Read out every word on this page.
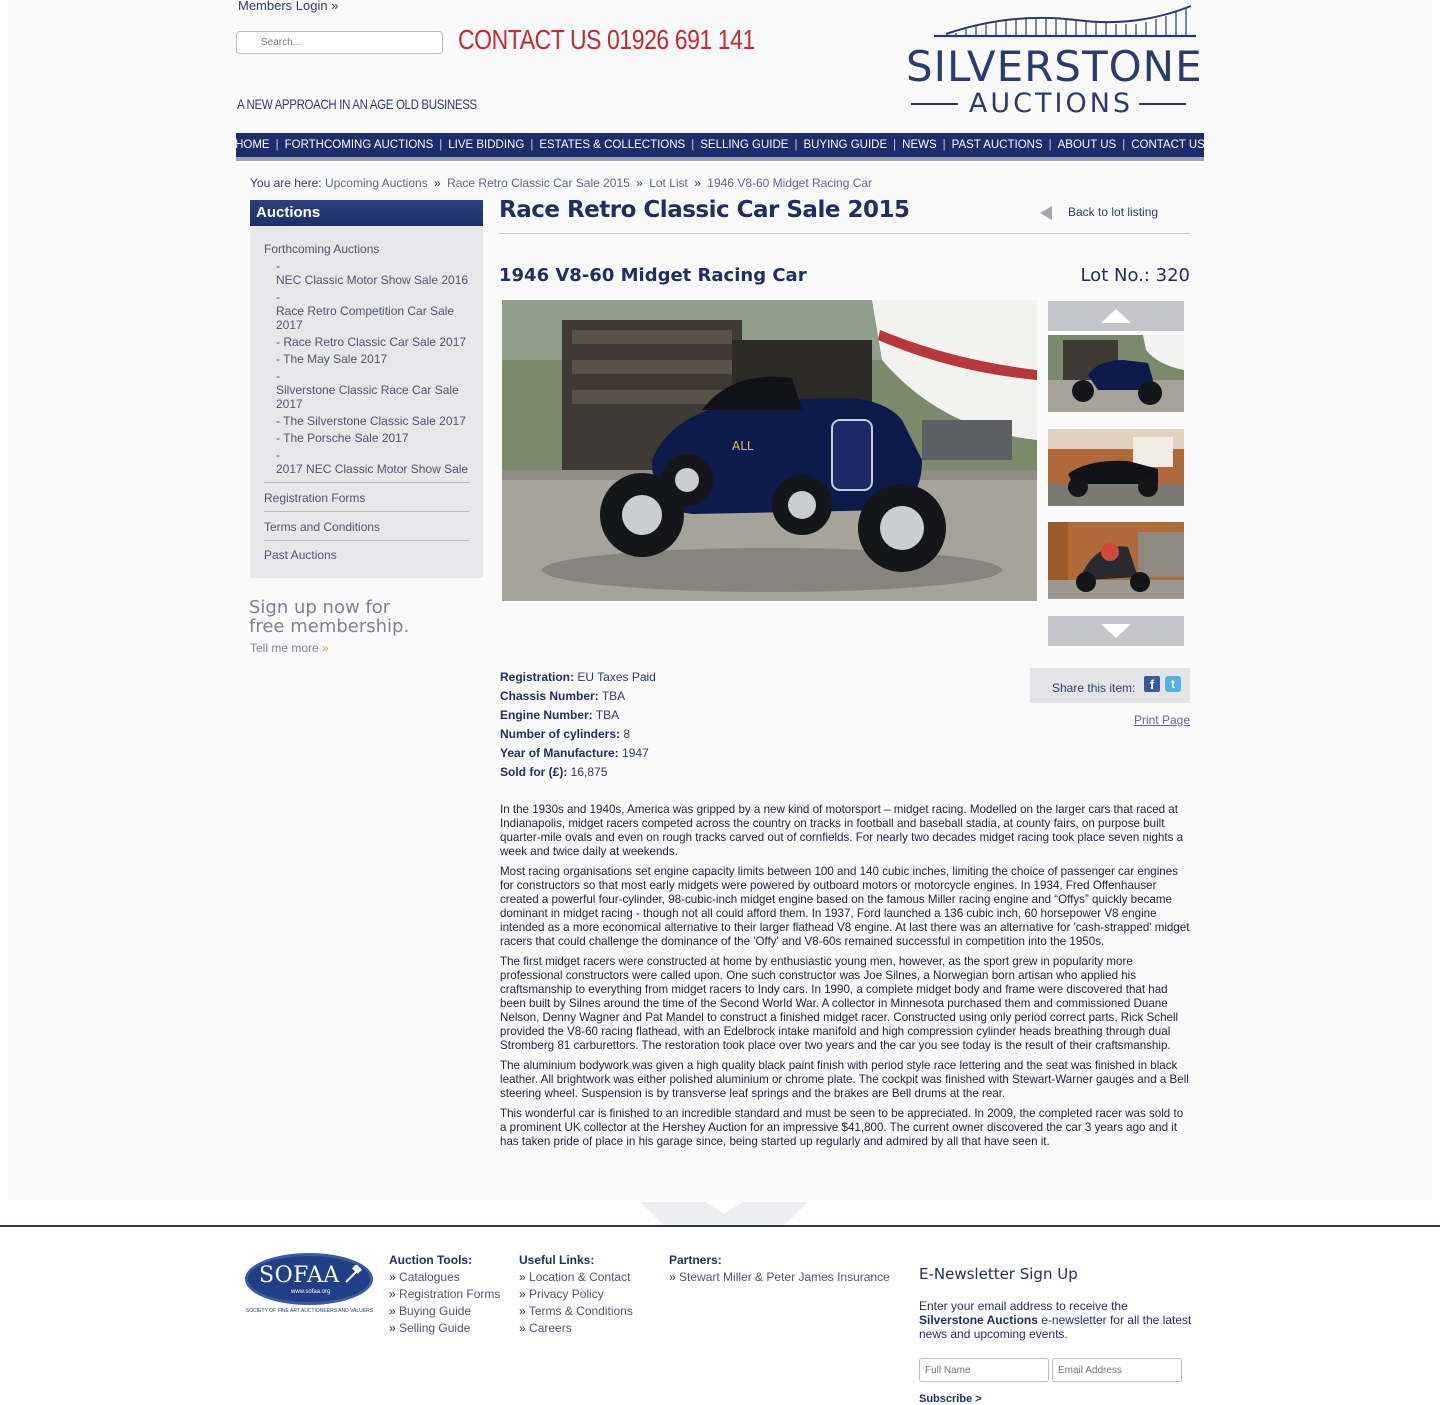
Members Login »
Search...
CONTACT US 01926 691 141
A NEW APPROACH IN AN AGE OLD BUSINESS
SILVERSTONE
AUCTIONS
HOME | FORTHCOMING AUCTIONS | LIVE BIDDING | ESTATES & COLLECTIONS | SELLING GUIDE | BUYING GUIDE | NEWS | PAST AUCTIONS | ABOUT US | CONTACT US
You are here: Upcoming Auctions » Race Retro Classic Car Sale 2015 » Lot List » 1946 V8-60 Midget Racing Car
Auctions
Forthcoming Auctions
-
NEC Classic Motor Show Sale 2016
-
Race Retro Competition Car Sale 2017
- Race Retro Classic Car Sale 2017
- The May Sale 2017
-
Silverstone Classic Race Car Sale 2017
- The Silverstone Classic Sale 2017
- The Porsche Sale 2017
-
2017 NEC Classic Motor Show Sale
Registration Forms
Terms and Conditions
Past Auctions
Sign up now for
free membership.
Tell me more »
Race Retro Classic Car Sale 2015	Back to lot listing
1946 V8-60 Midget Racing Car	Lot No.: 320
ALL
Registration: EU Taxes Paid
Chassis Number: TBA
Engine Number: TBA
Number of cylinders: 8
Year of Manufacture: 1947
Sold for (£): 16,875
Share this item:	f	t
Print Page

In the 1930s and 1940s, America was gripped by a new kind of motorsport – midget racing. Modelled on the larger cars that raced at Indianapolis, midget racers competed across the country on tracks in football and baseball stadia, at county fairs, on purpose built quarter-mile ovals and even on rough tracks carved out of cornfields. For nearly two decades midget racing took place seven nights a week and twice daily at weekends.

Most racing organisations set engine capacity limits between 100 and 140 cubic inches, limiting the choice of passenger car engines for constructors so that most early midgets were powered by outboard motors or motorcycle engines. In 1934, Fred Offenhauser created a powerful four-cylinder, 98-cubic-inch midget engine based on the famous Miller racing engine and “Offys” quickly became dominant in midget racing - though not all could afford them. In 1937, Ford launched a 136 cubic inch, 60 horsepower V8 engine intended as a more economical alternative to their larger flathead V8 engine. At last there was an alternative for 'cash-strapped' midget racers that could challenge the dominance of the 'Offy' and V8-60s remained successful in competition into the 1950s.

The first midget racers were constructed at home by enthusiastic young men, however, as the sport grew in popularity more professional constructors were called upon. One such constructor was Joe Silnes, a Norwegian born artisan who applied his craftsmanship to everything from midget racers to Indy cars. In 1990, a complete midget body and frame were discovered that had been built by Silnes around the time of the Second World War. A collector in Minnesota purchased them and commissioned Duane Nelson, Denny Wagner and Pat Mandel to construct a finished midget racer. Constructed using only period correct parts, Rick Schell provided the V8-60 racing flathead, with an Edelbrock intake manifold and high compression cylinder heads breathing through dual Stromberg 81 carburettors. The restoration took place over two years and the car you see today is the result of their craftsmanship.

The aluminium bodywork was given a high quality black paint finish with period style race lettering and the seat was finished in black leather. All brightwork was either polished aluminium or chrome plate. The cockpit was finished with Stewart-Warner gauges and a Bell steering wheel. Suspension is by transverse leaf springs and the brakes are Bell drums at the rear.

This wonderful car is finished to an incredible standard and must be seen to be appreciated. In 2009, the completed racer was sold to a prominent UK collector at the Hershey Auction for an impressive $41,800. The current owner discovered the car 3 years ago and it has taken pride of place in his garage since, being started up regularly and admired by all that have seen it.

SOFAA
www.sofaa.org
SOCIETY OF FINE ART AUCTIONEERS AND VALUERS
Auction Tools:
» Catalogues
» Registration Forms
» Buying Guide
» Selling Guide
Useful Links:
» Location & Contact
» Privacy Policy
» Terms & Conditions
» Careers
Partners:
» Stewart Miller & Peter James Insurance E-Newsletter Sign Up
Enter your email address to receive the Silverstone Auctions e-newsletter for all the latest news and upcoming events.
Full Name
Email Address
Subscribe >
